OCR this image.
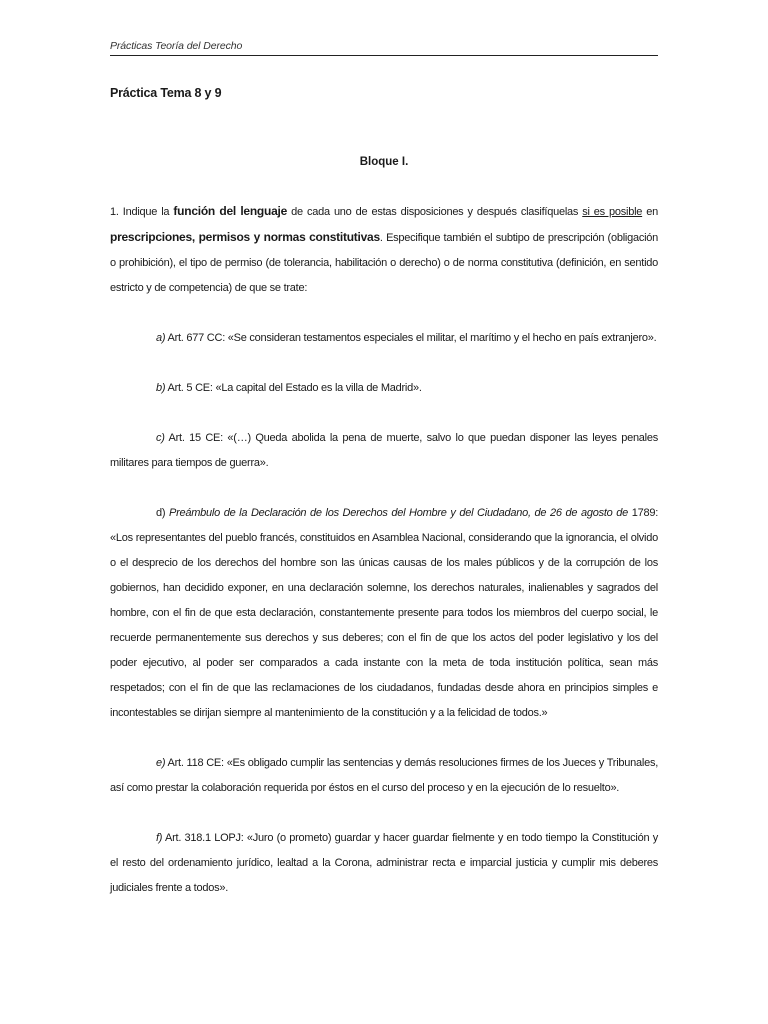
Prácticas Teoría del Derecho
Práctica Tema 8 y 9
Bloque I.

1. Indique la función del lenguaje de cada uno de estas disposiciones y después clasifíquelas si es posible en prescripciones, permisos y normas constitutivas. Especifique también el subtipo de prescripción (obligación o prohibición), el tipo de permiso (de tolerancia, habilitación o derecho) o de norma constitutiva (definición, en sentido estricto y de competencia) de que se trate:

a) Art. 677 CC: «Se consideran testamentos especiales el militar, el marítimo y el hecho en país extranjero».

b) Art. 5 CE: «La capital del Estado es la villa de Madrid».

c) Art. 15 CE: «(…) Queda abolida la pena de muerte, salvo lo que puedan disponer las leyes penales militares para tiempos de guerra».

d) Preámbulo de la Declaración de los Derechos del Hombre y del Ciudadano, de 26 de agosto de 1789: «Los representantes del pueblo francés, constituidos en Asamblea Nacional, considerando que la ignorancia, el olvido o el desprecio de los derechos del hombre son las únicas causas de los males públicos y de la corrupción de los gobiernos, han decidido exponer, en una declaración solemne, los derechos naturales, inalienables y sagrados del hombre, con el fin de que esta declaración, constantemente presente para todos los miembros del cuerpo social, le recuerde permanentemente sus derechos y sus deberes; con el fin de que los actos del poder legislativo y los del poder ejecutivo, al poder ser comparados a cada instante con la meta de toda institución política, sean más respetados; con el fin de que las reclamaciones de los ciudadanos, fundadas desde ahora en principios simples e incontestables se dirijan siempre al mantenimiento de la constitución y a la felicidad de todos.»

e) Art. 118 CE: «Es obligado cumplir las sentencias y demás resoluciones firmes de los Jueces y Tribunales, así como prestar la colaboración requerida por éstos en el curso del proceso y en la ejecución de lo resuelto».

f) Art. 318.1 LOPJ: «Juro (o prometo) guardar y hacer guardar fielmente y en todo tiempo la Constitución y el resto del ordenamiento jurídico, lealtad a la Corona, administrar recta e imparcial justicia y cumplir mis deberes judiciales frente a todos».
